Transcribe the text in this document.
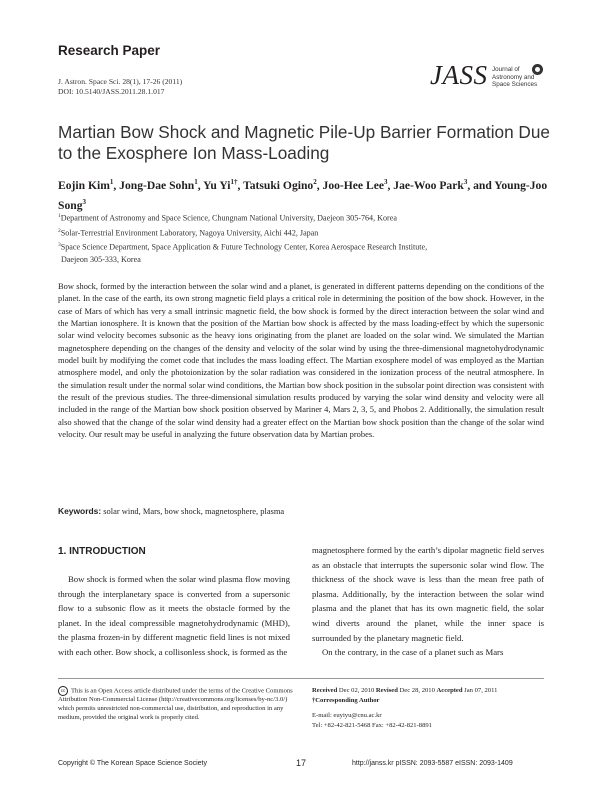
Research Paper
J. Astron. Space Sci. 28(1), 17-26 (2011)
DOI: 10.5140/JASS.2011.28.1.017
JASS Journal of
Astronomy and
Space Sciences
Martian Bow Shock and Magnetic Pile-Up Barrier Formation Due to the Exosphere Ion Mass-Loading
Eojin Kim$^1$, Jong-Dae Sohn$^1$, Yu $Yi^{1\dagger}$, Tatsuki Ogino$^2$, Joo-Hee Lee$^3$, Jae-Woo Park$^3$, and Young-Joo Song$^3$
$^1$Department of Astronomy and Space Science, Chungnam National University, Daejeon 305-764, Korea
$^2$Solar-Terrestrial Environment Laboratory, Nagoya University, Aichi 442, Japan
$^3$Space Science Department, Space Application & Future Technology Center, Korea Aerospace Research Institute,
Daejeon 305-333, Korea
Bow shock, formed by the interaction between the solar wind and a planet, is generated in different patterns depending on the conditions of the planet. In the case of the earth, its own strong magnetic field plays a critical role in determining the position of the bow shock. However, in the case of Mars of which has very a small intrinsic magnetic field, the bow shock is formed by the direct interaction between the solar wind and the Martian ionosphere. It is known that the position of the Martian bow shock is affected by the mass loading-effect by which the supersonic solar wind velocity becomes subsonic as the heavy ions originating from the planet are loaded on the solar wind. We simulated the Martian magnetosphere depending on the changes of the density and velocity of the solar wind by using the three-dimensional magnetohydrodynamic model built by modifying the comet code that includes the mass loading effect. The Martian exosphere model of was employed as the Martian atmosphere model, and only the photoionization by the solar radiation was considered in the ionization process of the neutral atmosphere. In the simulation result under the normal solar wind conditions, the Martian bow shock position in the subsolar point direction was consistent with the result of the previous studies. The three-dimensional simulation results produced by varying the solar wind density and velocity were all included in the range of the Martian bow shock position observed by Mariner 4, Mars 2, 3, 5, and Phobos 2. Additionally, the simulation result also showed that the change of the solar wind density had a greater effect on the Martian bow shock position than the change of the solar wind velocity. Our result may be useful in analyzing the future observation data by Martian probes.
Keywords: solar wind, Mars, bow shock, magnetosphere, plasma
1. INTRODUCTION
Bow shock is formed when the solar wind plasma flow moving through the interplanetary space is converted from a supersonic flow to a subsonic flow as it meets the obstacle formed by the planet. In the ideal compressible magnetohydrodynamic (MHD), the plasma frozen-in by different magnetic field lines is not mixed with each other. Bow shock, a collisonless shock, is formed as the
magnetosphere formed by the earth’s dipolar magnetic field serves as an obstacle that interrupts the supersonic solar wind flow. The thickness of the shock wave is less than the mean free path of plasma. Additionally, by the interaction between the solar wind plasma and the planet that has its own magnetic field, the solar wind diverts around the planet, while the inner space is surrounded by the planetary magnetic field.
On the contrary, in the case of a planet such as Mars
cc This is an Open Access article distributed under the terms of the Creative Commons Attribution Non-Commercial License (http://creativecommons.org/licenses/by-nc/3.0/) which permits unrestricted non-commercial use, distribution, and reproduction in any medium, provided the original work is properly cited.
Received Dec 02, 2010 Revised Dec 28, 2010 Accepted Jan 07, 2011
†Corresponding Author
E-mail: euyiyu@cnu.ac.kr
Tel: +82-42-821-5468 Fax: +82-42-821-8891
Copyright © The Korean Space Science Society	17	http://janss.kr pISSN: 2093-5587 eISSN: 2093-1409
